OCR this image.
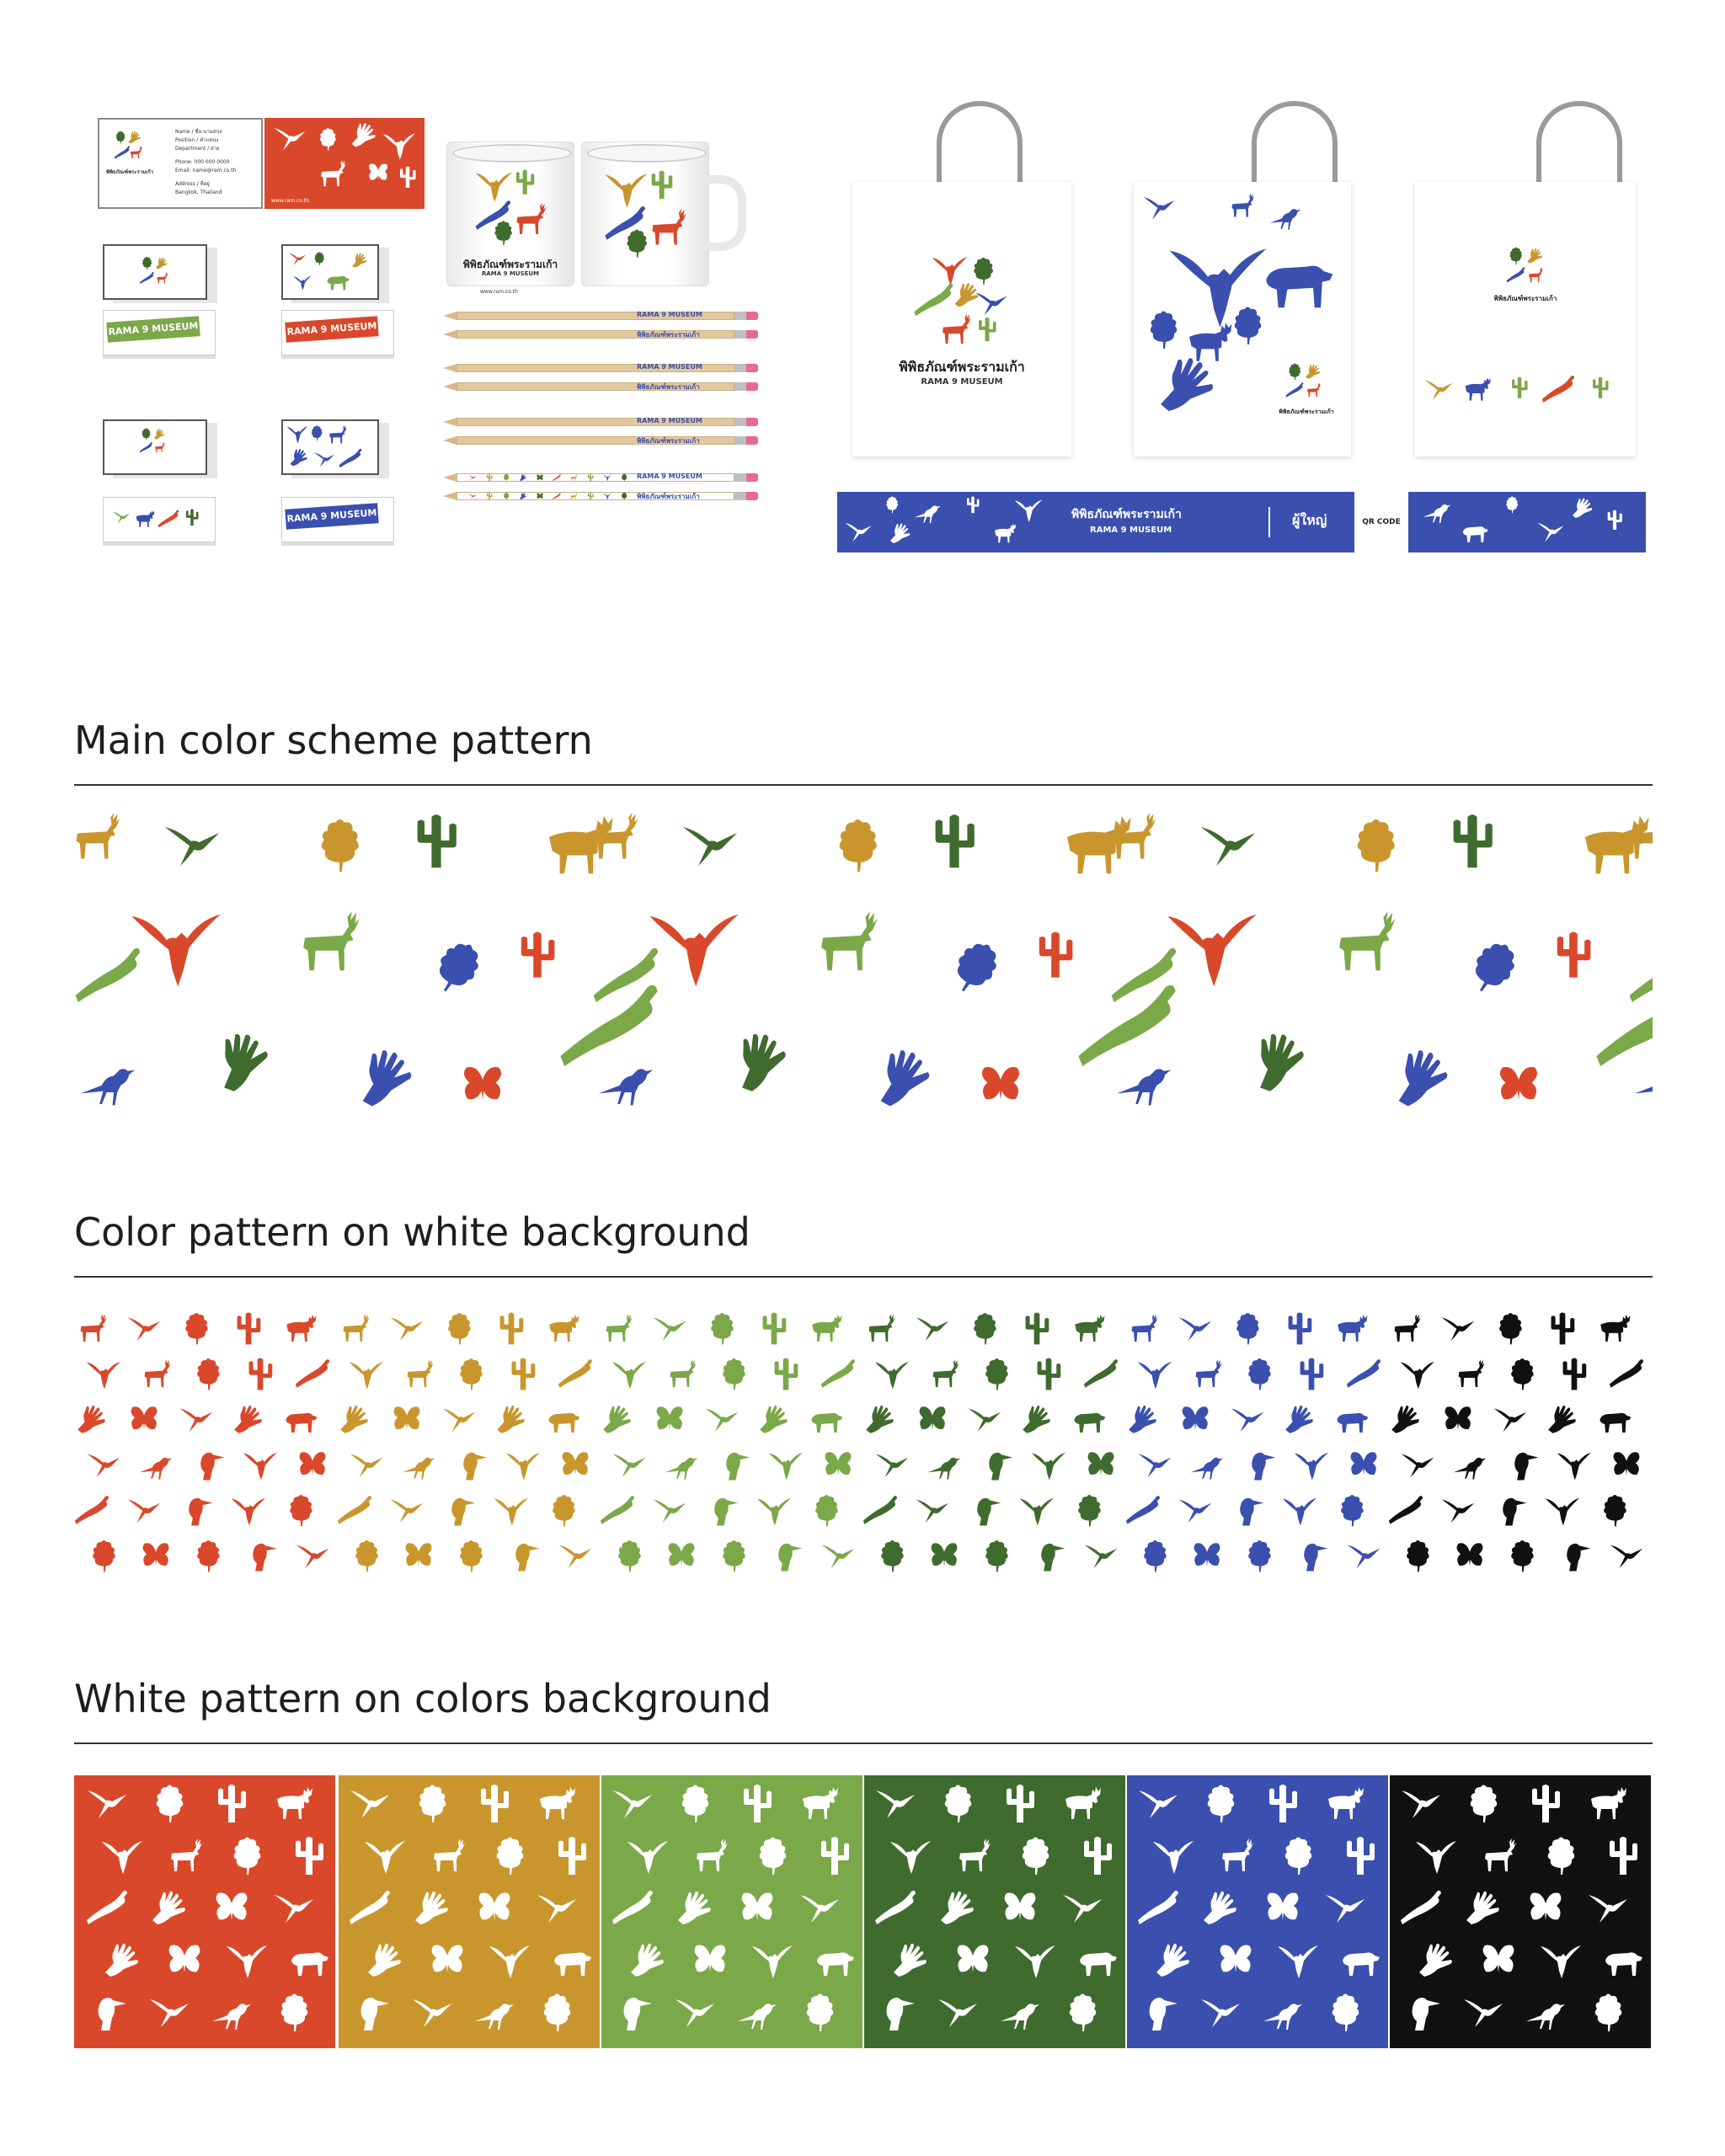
พิพิธภัณฑ์พระรามเก้า
Name / ชื่อ-นามสกุล
Position / ตำแหน่ง
Department / ฝ่าย
Phone: 000 000 0000
Email: name@ram.co.th
Address / ที่อยู่
Bangkok, Thailand
www.ram.co.th
RAMA 9 MUSEUM	RAMA 9 MUSEUM
RAMA 9 MUSEUM
พิพิธภัณฑ์พระรามเก้า
RAMA 9 MUSEUM
www.ram.co.th
RAMA 9 MUSEUM
พิพิธภัณฑ์พระรามเก้า
RAMA 9 MUSEUM
พิพิธภัณฑ์พระรามเก้า
RAMA 9 MUSEUM
พิพิธภัณฑ์พระรามเก้า
RAMA 9 MUSEUM
พิพิธภัณฑ์พระรามเก้า
พิพิธภัณฑ์พระรามเก้า
RAMA 9 MUSEUM
พิพิธภัณฑ์พระรามเก้า
พิพิธภัณฑ์พระรามเก้า
พิพิธภัณฑ์พระรามเก้า
RAMA 9 MUSEUM
ผู้ใหญ่	QR CODE
Main color scheme pattern
Color pattern on white background
White pattern on colors background
